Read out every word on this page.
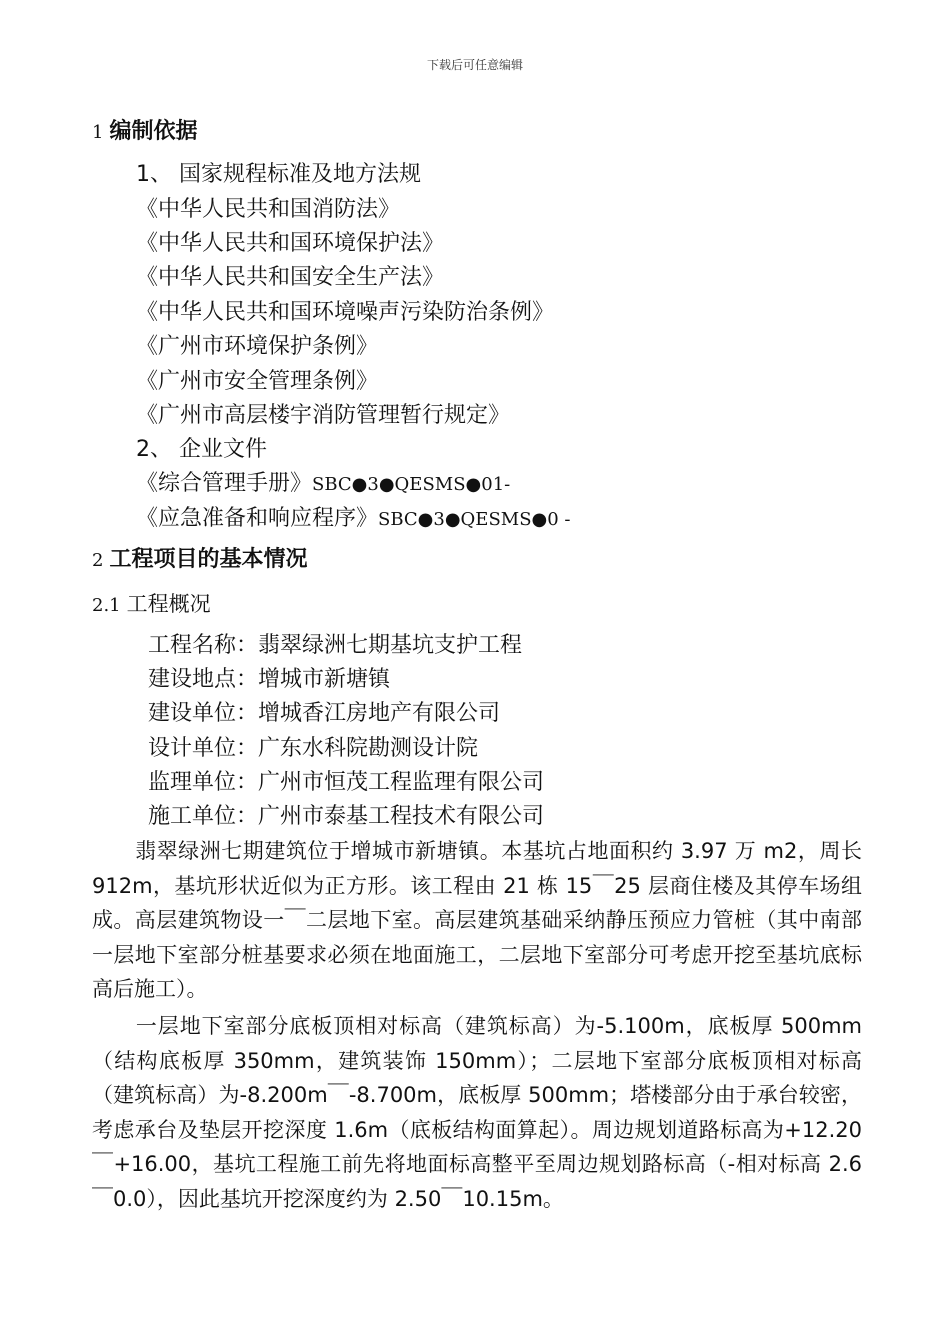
下载后可任意编辑
1 编制依据
1、 国家规程标准及地方法规
《中华人民共和国消防法》
《中华人民共和国环境保护法》
《中华人民共和国安全生产法》
《中华人民共和国环境噪声污染防治条例》
《广州市环境保护条例》
《广州市安全管理条例》
《广州市高层楼宇消防管理暂行规定》
2、 企业文件
《综合管理手册》SBC●3●QESMS●01-
《应急准备和响应程序》SBC●3●QESMS●0 -
2 工程项目的基本情况
2.1 工程概况
工程名称：翡翠绿洲七期基坑支护工程
建设地点：增城市新塘镇
建设单位：增城香江房地产有限公司
设计单位：广东水科院勘测设计院
监理单位：广州市恒茂工程监理有限公司
施工单位：广州市泰基工程技术有限公司

　　翡翠绿洲七期建筑位于增城市新塘镇。本基坑占地面积约 3.97 万 m2，周长 912m，基坑形状近似为正方形。该工程由 21 栋 15￣25 层商住楼及其停车场组成。高层建筑物设一￣二层地下室。高层建筑基础采纳静压预应力管桩（其中南部一层地下室部分桩基要求必须在地面施工，二层地下室部分可考虑开挖至基坑底标高后施工）。

　　一层地下室部分底板顶相对标高（建筑标高）为-5.100m，底板厚 500mm（结构底板厚 350mm，建筑装饰 150mm）；二层地下室部分底板顶相对标高（建筑标高）为-8.200m￣-8.700m，底板厚 500mm；塔楼部分由于承台较密，考虑承台及垫层开挖深度 1.6m（底板结构面算起）。周边规划道路标高为+12.20￣+16.00，基坑工程施工前先将地面标高整平至周边规划路标高（-相对标高 2.6￣0.0），因此基坑开挖深度约为 2.50￣10.15m。
